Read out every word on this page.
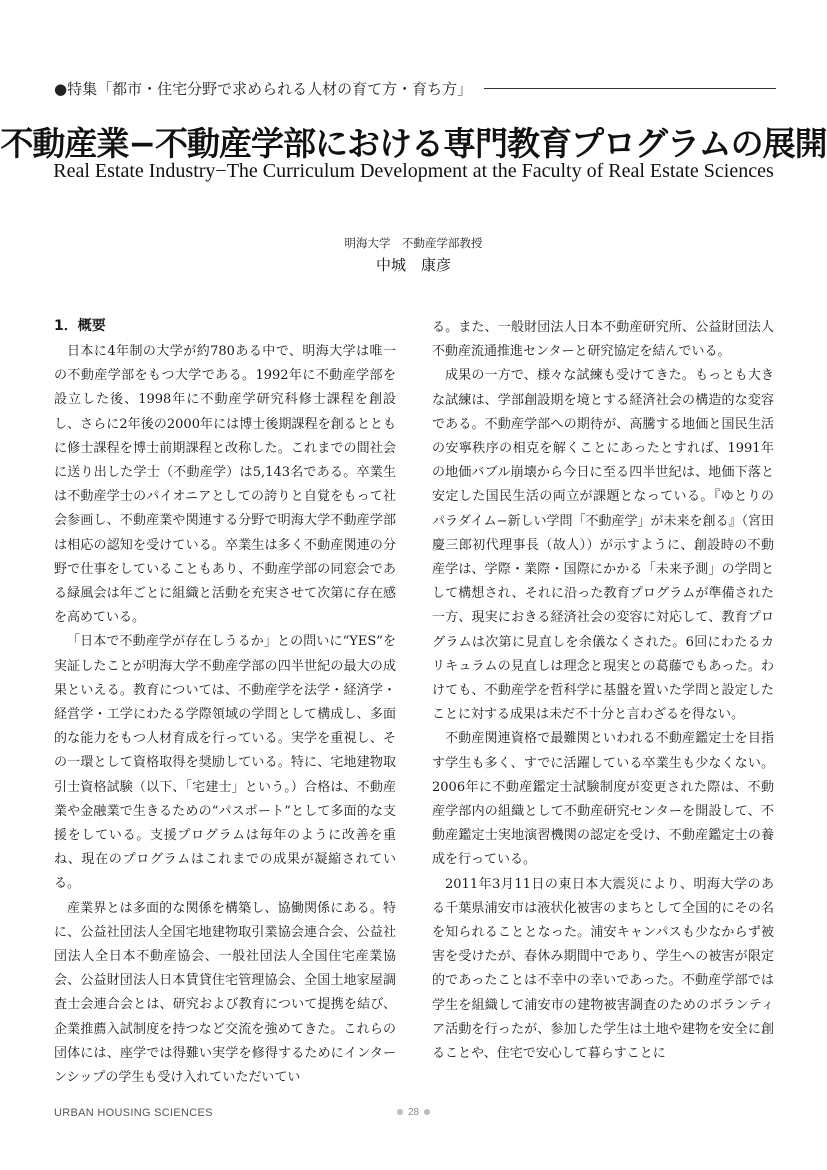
●特集「都市・住宅分野で求められる人材の育て方・育ち方」
不動産業−不動産学部における専門教育プログラムの展開
Real Estate Industry−The Curriculum Development at the Faculty of Real Estate Sciences
明海大学　不動産学部教授
中城　康彦
1．概要

日本に4年制の大学が約780ある中で、明海大学は唯一の不動産学部をもつ大学である。1992年に不動産学部を設立した後、1998年に不動産学研究科修士課程を創設し、さらに2年後の2000年には博士後期課程を創るとともに修士課程を博士前期課程と改称した。これまでの間社会に送り出した学士（不動産学）は5,143名である。卒業生は不動産学士のパイオニアとしての誇りと自覚をもって社会参画し、不動産業や関連する分野で明海大学不動産学部は相応の認知を受けている。卒業生は多く不動産関連の分野で仕事をしていることもあり、不動産学部の同窓会である緑風会は年ごとに組織と活動を充実させて次第に存在感を高めている。

「日本で不動産学が存在しうるか」との問いに“YES”を実証したことが明海大学不動産学部の四半世紀の最大の成果といえる。教育については、不動産学を法学・経済学・経営学・工学にわたる学際領域の学問として構成し、多面的な能力をもつ人材育成を行っている。実学を重視し、その一環として資格取得を奨励している。特に、宅地建物取引士資格試験（以下、「宅建士」という。）合格は、不動産業や金融業で生きるための“パスポート”として多面的な支援をしている。支援プログラムは毎年のように改善を重ね、現在のプログラムはこれまでの成果が凝縮されている。

産業界とは多面的な関係を構築し、協働関係にある。特に、公益社団法人全国宅地建物取引業協会連合会、公益社団法人全日本不動産協会、一般社団法人全国住宅産業協会、公益財団法人日本賃貸住宅管理協会、全国土地家屋調査士会連合会とは、研究および教育について提携を結び、企業推薦入試制度を持つなど交流を強めてきた。これらの団体には、座学では得難い実学を修得するためにインターンシップの学生も受け入れていただいてい

る。また、一般財団法人日本不動産研究所、公益財団法人不動産流通推進センターと研究協定を結んでいる。

成果の一方で、様々な試練も受けてきた。もっとも大きな試練は、学部創設期を境とする経済社会の構造的な変容である。不動産学部への期待が、高騰する地価と国民生活の安寧秩序の相克を解くことにあったとすれば、1991年の地価バブル崩壊から今日に至る四半世紀は、地価下落と安定した国民生活の両立が課題となっている。『ゆとりのパラダイム−新しい学問「不動産学」が未来を創る』（宮田慶三郎初代理事長（故人））が示すように、創設時の不動産学は、学際・業際・国際にかかる「未来予測」の学問として構想され、それに沿った教育プログラムが準備された一方、現実におきる経済社会の変容に対応して、教育プログラムは次第に見直しを余儀なくされた。6回にわたるカリキュラムの見直しは理念と現実との葛藤でもあった。わけても、不動産学を哲科学に基盤を置いた学問と設定したことに対する成果は未だ不十分と言わざるを得ない。

不動産関連資格で最難関といわれる不動産鑑定士を目指す学生も多く、すでに活躍している卒業生も少なくない。2006年に不動産鑑定士試験制度が変更された際は、不動産学部内の組織として不動産研究センターを開設して、不動産鑑定士実地演習機関の認定を受け、不動産鑑定士の養成を行っている。

2011年3月11日の東日本大震災により、明海大学のある千葉県浦安市は液状化被害のまちとして全国的にその名を知られることとなった。浦安キャンパスも少なからず被害を受けたが、春休み期間中であり、学生への被害が限定的であったことは不幸中の幸いであった。不動産学部では学生を組織して浦安市の建物被害調査のためのボランティア活動を行ったが、参加した学生は土地や建物を安全に創ることや、住宅で安心して暮らすことに

URBAN HOUSING SCIENCES	28
